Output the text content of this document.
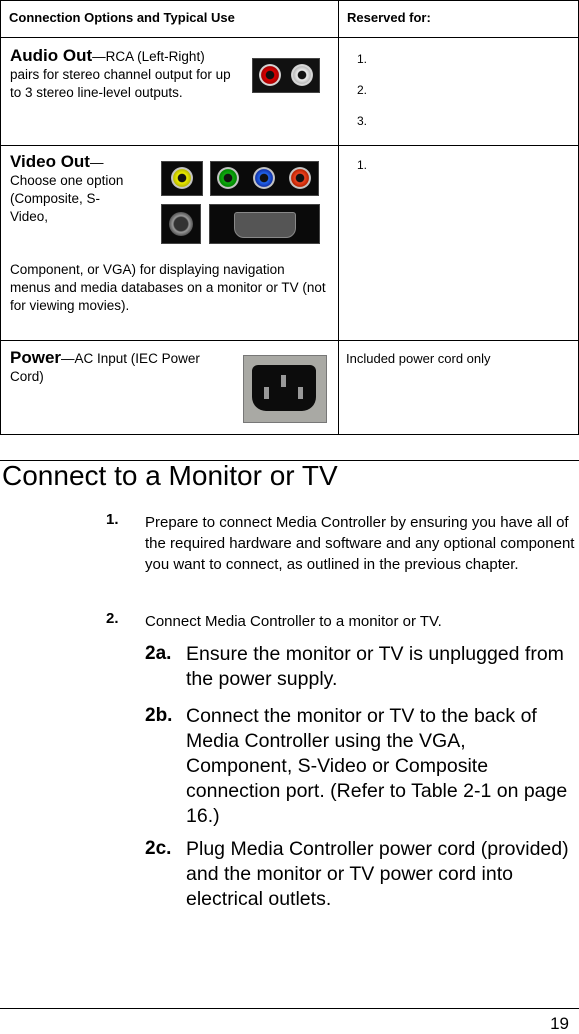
Connection Options and Typical Use	Reserved for:

Audio Out—RCA (Left-Right) pairs for stereo channel output for up to 3 stereo line-level outputs.	1.
2.
3.

Video Out—
Choose one option (Composite, S-Video,
Component, or VGA) for displaying navigation menus and media databases on a monitor or TV (not for viewing movies).	1.

Power—AC Input (IEC Power Cord)	Included power cord only
Connect to a Monitor or TV
1. Prepare to connect Media Controller by ensuring you have all of the required hardware and software and any optional component you want to connect, as outlined in the previous chapter.
2. Connect Media Controller to a monitor or TV.
2a. Ensure the monitor or TV is unplugged from the power supply.
2b. Connect the monitor or TV to the back of Media Controller using the VGA, Component, S-Video or Composite connection port. (Refer to Table 2-1 on page 16.)
2c. Plug Media Controller power cord (provided) and the monitor or TV power cord into electrical outlets.
19
